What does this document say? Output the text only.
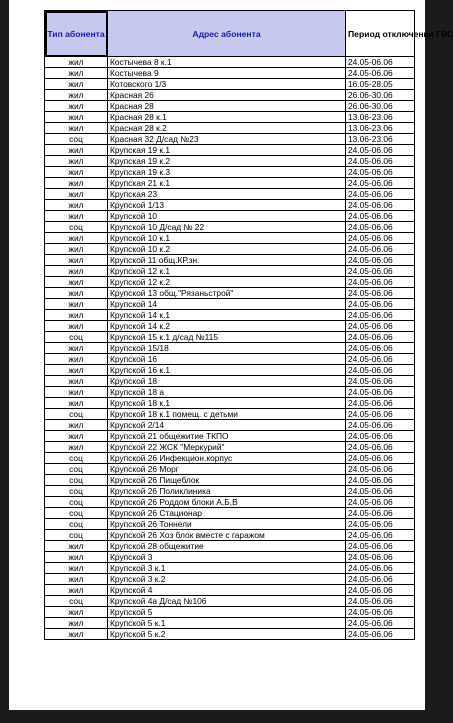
Тип абонента	Адрес абонента	Период отключения ГВС
жил	Костычева 8 к.1	24.05-06.06
жил	Костычева 9	24.05-06.06
жил	Котовского 1/3	16.05-28.05
жил	Красная 26	26.06-30.06
жил	Красная 28	26.06-30.06
жил	Красная 28 к.1	13.06-23.06
жил	Красная 28 к.2	13.06-23.06
соц	Красная 32 Д/сад №23	13.06-23.06
жил	Крупская 19 к.1	24.05-06.06
жил	Крупская 19 к.2	24.05-06.06
жил	Крупская 19 к.3	24.05-06.06
жил	Крупская 21 к.1	24.05-06.06
жил	Крупская 23	24.05-06.06
жил	Крупской 1/13	24.05-06.06
жил	Крупской 10	24.05-06.06
соц	Крупской 10 Д/сад № 22	24.05-06.06
жил	Крупской 10 к.1	24.05-06.06
жил	Крупской 10 к.2	24.05-06.06
жил	Крупской 11 общ.КР.зн.	24.05-06.06
жил	Крупской 12 к.1	24.05-06.06
жил	Крупской 12 к.2	24.05-06.06
жил	Крупской 13 общ."Рязаньстрой"	24.05-06.06
жил	Крупской 14	24.05-06.06
жил	Крупской 14 к.1	24.05-06.06
жил	Крупской 14 к.2	24.05-06.06
соц	Крупской 15 к.1 д/сад №115	24.05-06.06
жил	Крупской 15/18	24.05-06.06
жил	Крупской 16	24.05-06.06
жил	Крупской 16 к.1	24.05-06.06
жил	Крупской 18	24.05-06.06
жил	Крупской 18 а	24.05-06.06
жил	Крупской 18 к.1	24.05-06.06
соц	Крупской 18 к.1 помещ. с детьми	24.05-06.06
жил	Крупской 2/14	24.05-06.06
жил	Крупской 21 общежитие ТКПО	24.05-06.06
жил	Крупской 22 ЖСК "Меркурий"	24.05-06.06
соц	Крупской 26 Инфекцион.корпус	24.05-06.06
соц	Крупской 26 Морг	24.05-06.06
соц	Крупской 26 Пищеблок	24.05-06.06
соц	Крупской 26 Поликлиника	24.05-06.06
соц	Крупской 26 Роддом блоки А,Б,В	24.05-06.06
соц	Крупской 26 Стационар	24.05-06.06
соц	Крупской 26 Тоннели	24.05-06.06
соц	Крупской 26 Хоз блок вместе с гаражом	24.05-06.06
жил	Крупской 28 общежитие	24.05-06.06
жил	Крупской 3	24.05-06.06
жил	Крупской 3 к.1	24.05-06.06
жил	Крупской 3 к.2	24.05-06.06
жил	Крупской 4	24.05-06.06
соц	Крупской 4а Д/сад №106	24.05-06.06
жил	Крупской 5	24.05-06.06
жил	Крупской 5 к.1	24.05-06.06
жил	Крупской 5 к.2	24.05-06.06
